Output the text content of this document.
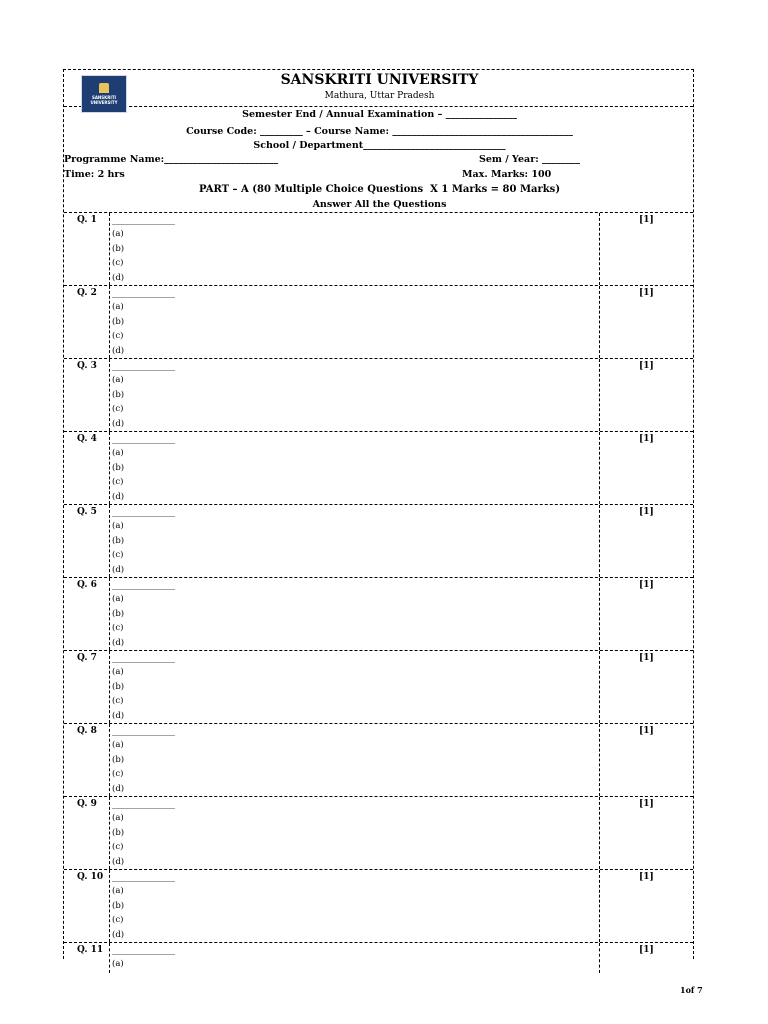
SANSKRITI
UNIVERSITY
SANSKRITI UNIVERSITY
Mathura, Uttar Pradesh
Semester End / Annual Examination – _______________
Course Code: _________ – Course Name: ______________________________________
School / Department______________________________
Programme Name:________________________	Sem / Year: ________
Time: 2 hrs	Max. Marks: 100
PART – A (80 Multiple Choice Questions  X 1 Marks = 80 Marks)
Answer All the Questions
Q. 1 ______________	[1]
(a)
(b)
(c)
(d)
Q. 2 ______________	[1]
(a)
(b)
(c)
(d)
Q. 3 ______________	[1]
(a)
(b)
(c)
(d)
Q. 4 ______________	[1]
(a)
(b)
(c)
(d)
Q. 5 ______________	[1]
(a)
(b)
(c)
(d)
Q. 6 ______________	[1]
(a)
(b)
(c)
(d)
Q. 7 ______________	[1]
(a)
(b)
(c)
(d)
Q. 8 ______________	[1]
(a)
(b)
(c)
(d)
Q. 9 ______________	[1]
(a)
(b)
(c)
(d)
Q. 10 ______________	[1]
(a)
(b)
(c)
(d)
Q. 11 ______________	[1]
(a)
1of 7
